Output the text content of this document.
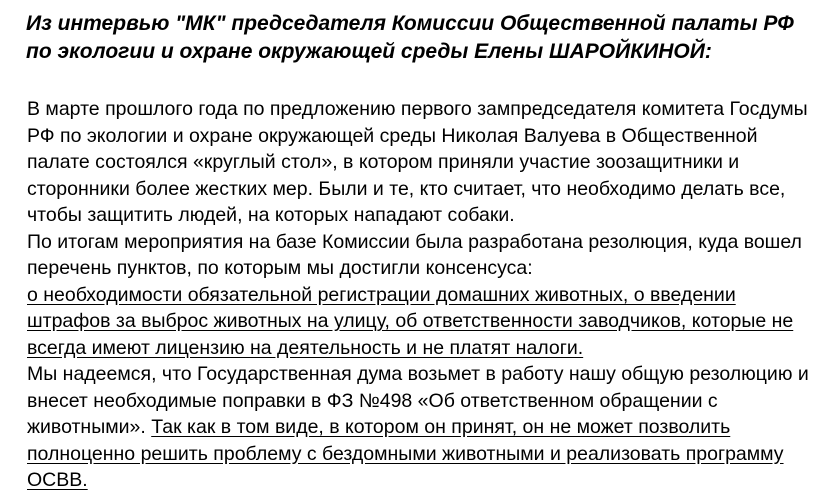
Из интервью "МК" председателя Комиссии Общественной палаты РФ по экологии и охране окружающей среды Елены ШАРОЙКИНОЙ:

В марте прошлого года по предложению первого зампредседателя комитета Госдумы РФ по экологии и охране окружающей среды Николая Валуева в Общественной палате состоялся «круглый стол», в котором приняли участие зоозащитники и сторонники более жестких мер. Были и те, кто считает, что необходимо делать все, чтобы защитить людей, на которых нападают собаки.

По итогам мероприятия на базе Комиссии была разработана резолюция, куда вошел перечень пунктов, по которым мы достигли консенсуса:

о необходимости обязательной регистрации домашних животных, о введении штрафов за выброс животных на улицу, об ответственности заводчиков, которые не всегда имеют лицензию на деятельность и не платят налоги.

Мы надеемся, что Государственная дума возьмет в работу нашу общую резолюцию и внесет необходимые поправки в ФЗ №498 «Об ответственном обращении с животными». Так как в том виде, в котором он принят, он не может позволить полноценно решить проблему с бездомными животными и реализовать программу ОСВВ.
